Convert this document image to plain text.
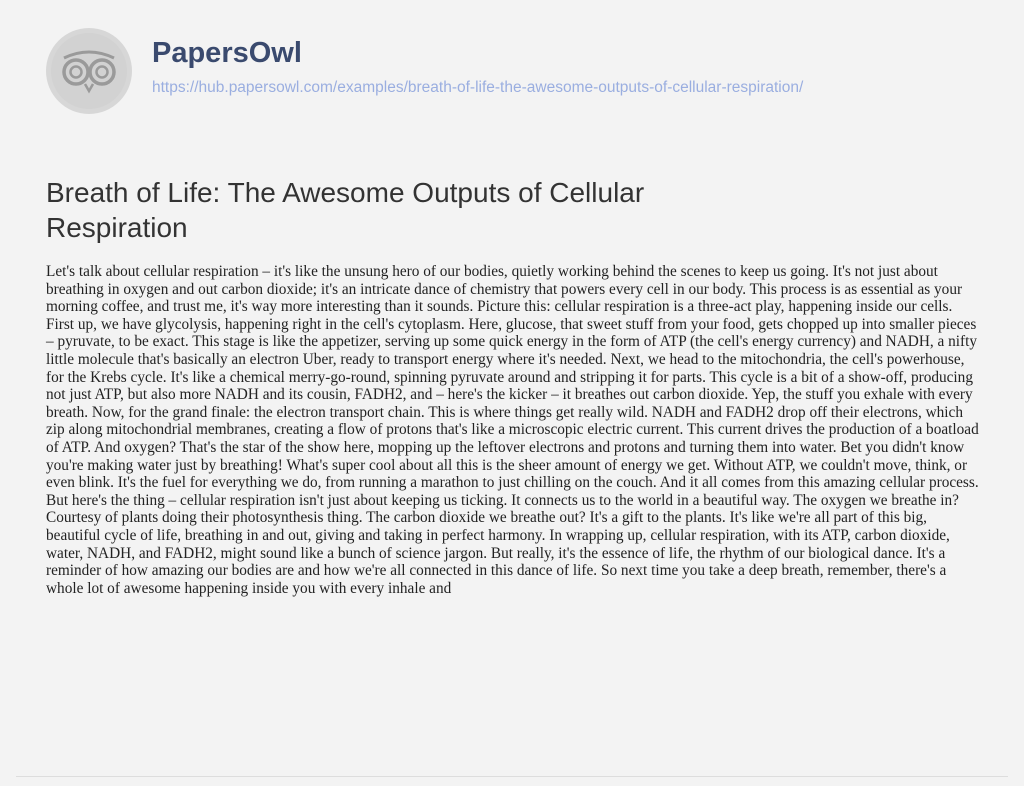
PapersOwl
https://hub.papersowl.com/examples/breath-of-life-the-awesome-outputs-of-cellular-respiration/
Breath of Life: The Awesome Outputs of Cellular Respiration

Let's talk about cellular respiration – it's like the unsung hero of our bodies, quietly working behind the scenes to keep us going. It's not just about breathing in oxygen and out carbon dioxide; it's an intricate dance of chemistry that powers every cell in our body. This process is as essential as your morning coffee, and trust me, it's way more interesting than it sounds. Picture this: cellular respiration is a three-act play, happening inside our cells. First up, we have glycolysis, happening right in the cell's cytoplasm. Here, glucose, that sweet stuff from your food, gets chopped up into smaller pieces – pyruvate, to be exact. This stage is like the appetizer, serving up some quick energy in the form of ATP (the cell's energy currency) and NADH, a nifty little molecule that's basically an electron Uber, ready to transport energy where it's needed. Next, we head to the mitochondria, the cell's powerhouse, for the Krebs cycle. It's like a chemical merry-go-round, spinning pyruvate around and stripping it for parts. This cycle is a bit of a show-off, producing not just ATP, but also more NADH and its cousin, FADH2, and – here's the kicker – it breathes out carbon dioxide. Yep, the stuff you exhale with every breath. Now, for the grand finale: the electron transport chain. This is where things get really wild. NADH and FADH2 drop off their electrons, which zip along mitochondrial membranes, creating a flow of protons that's like a microscopic electric current. This current drives the production of a boatload of ATP. And oxygen? That's the star of the show here, mopping up the leftover electrons and protons and turning them into water. Bet you didn't know you're making water just by breathing! What's super cool about all this is the sheer amount of energy we get. Without ATP, we couldn't move, think, or even blink. It's the fuel for everything we do, from running a marathon to just chilling on the couch. And it all comes from this amazing cellular process. But here's the thing – cellular respiration isn't just about keeping us ticking. It connects us to the world in a beautiful way. The oxygen we breathe in? Courtesy of plants doing their photosynthesis thing. The carbon dioxide we breathe out? It's a gift to the plants. It's like we're all part of this big, beautiful cycle of life, breathing in and out, giving and taking in perfect harmony. In wrapping up, cellular respiration, with its ATP, carbon dioxide, water, NADH, and FADH2, might sound like a bunch of science jargon. But really, it's the essence of life, the rhythm of our biological dance. It's a reminder of how amazing our bodies are and how we're all connected in this dance of life. So next time you take a deep breath, remember, there's a whole lot of awesome happening inside you with every inhale and
